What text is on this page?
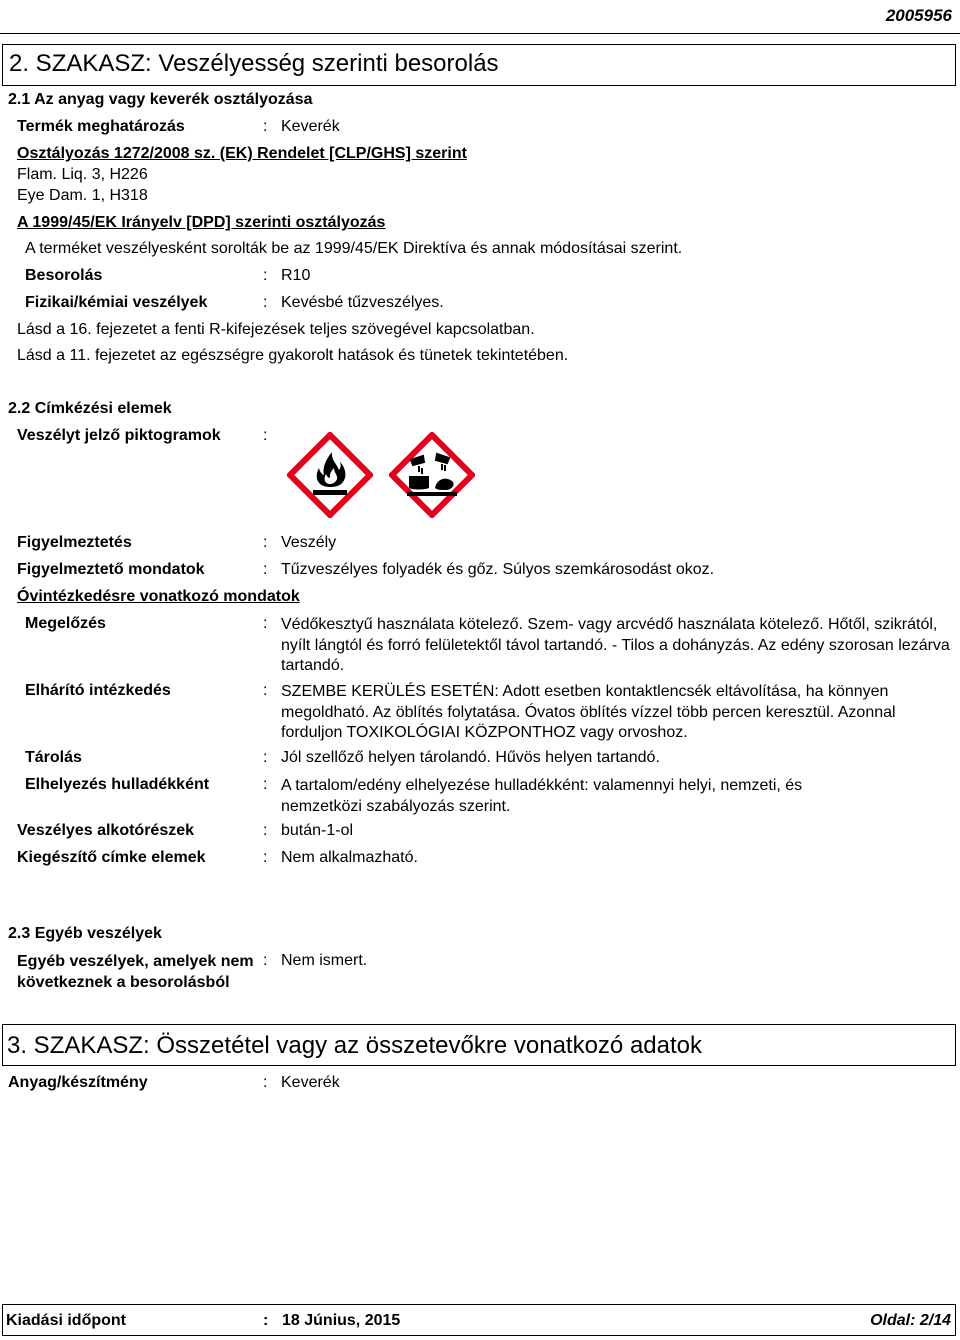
2005956
2. SZAKASZ: Veszélyesség szerinti besorolás
2.1 Az anyag vagy keverék osztályozása
Termék meghatározás	: Keverék
Osztályozás 1272/2008 sz. (EK) Rendelet [CLP/GHS] szerint
Flam. Liq. 3, H226
Eye Dam. 1, H318
A 1999/45/EK Irányelv [DPD] szerinti osztályozás
A terméket veszélyesként sorolták be az 1999/45/EK Direktíva és annak módosításai szerint.
Besorolás	: R10
Fizikai/kémiai veszélyek	: Kevésbé tűzveszélyes.
Lásd a 16. fejezetet a fenti R-kifejezések teljes szövegével kapcsolatban.
Lásd a 11. fejezetet az egészségre gyakorolt hatások és tünetek tekintetében.
2.2 Címkézési elemek
Veszélyt jelző piktogramok	:
Figyelmeztetés	: Veszély
Figyelmeztető mondatok	: Tűzveszélyes folyadék és gőz. Súlyos szemkárosodást okoz.
Óvintézkedésre vonatkozó mondatok
Megelőzés	: Védőkesztyű használata kötelező. Szem- vagy arcvédő használata kötelező. Hőtől, szikrától, nyílt lángtól és forró felületektől távol tartandó. - Tilos a dohányzás. Az edény szorosan lezárva tartandó.
Elhárító intézkedés	: SZEMBE KERÜLÉS ESETÉN: Adott esetben kontaktlencsék eltávolítása, ha könnyen megoldható. Az öblítés folytatása. Óvatos öblítés vízzel több percen keresztül. Azonnal forduljon TOXIKOLÓGIAI KÖZPONTHOZ vagy orvoshoz.
Tárolás	: Jól szellőző helyen tárolandó. Hűvös helyen tartandó.
Elhelyezés hulladékként	: A tartalom/edény elhelyezése hulladékként: valamennyi helyi, nemzeti, és nemzetközi szabályozás szerint.
Veszélyes alkotórészek	: bután-1-ol
Kiegészítő címke elemek	: Nem alkalmazható.
2.3 Egyéb veszélyek
Egyéb veszélyek, amelyek nem következnek a besorolásból
: Nem ismert.
3. SZAKASZ: Összetétel vagy az összetevőkre vonatkozó adatok
Anyag/készítmény	: Keverék
Kiadási időpont	: 18 Június, 2015	Oldal: 2/14
